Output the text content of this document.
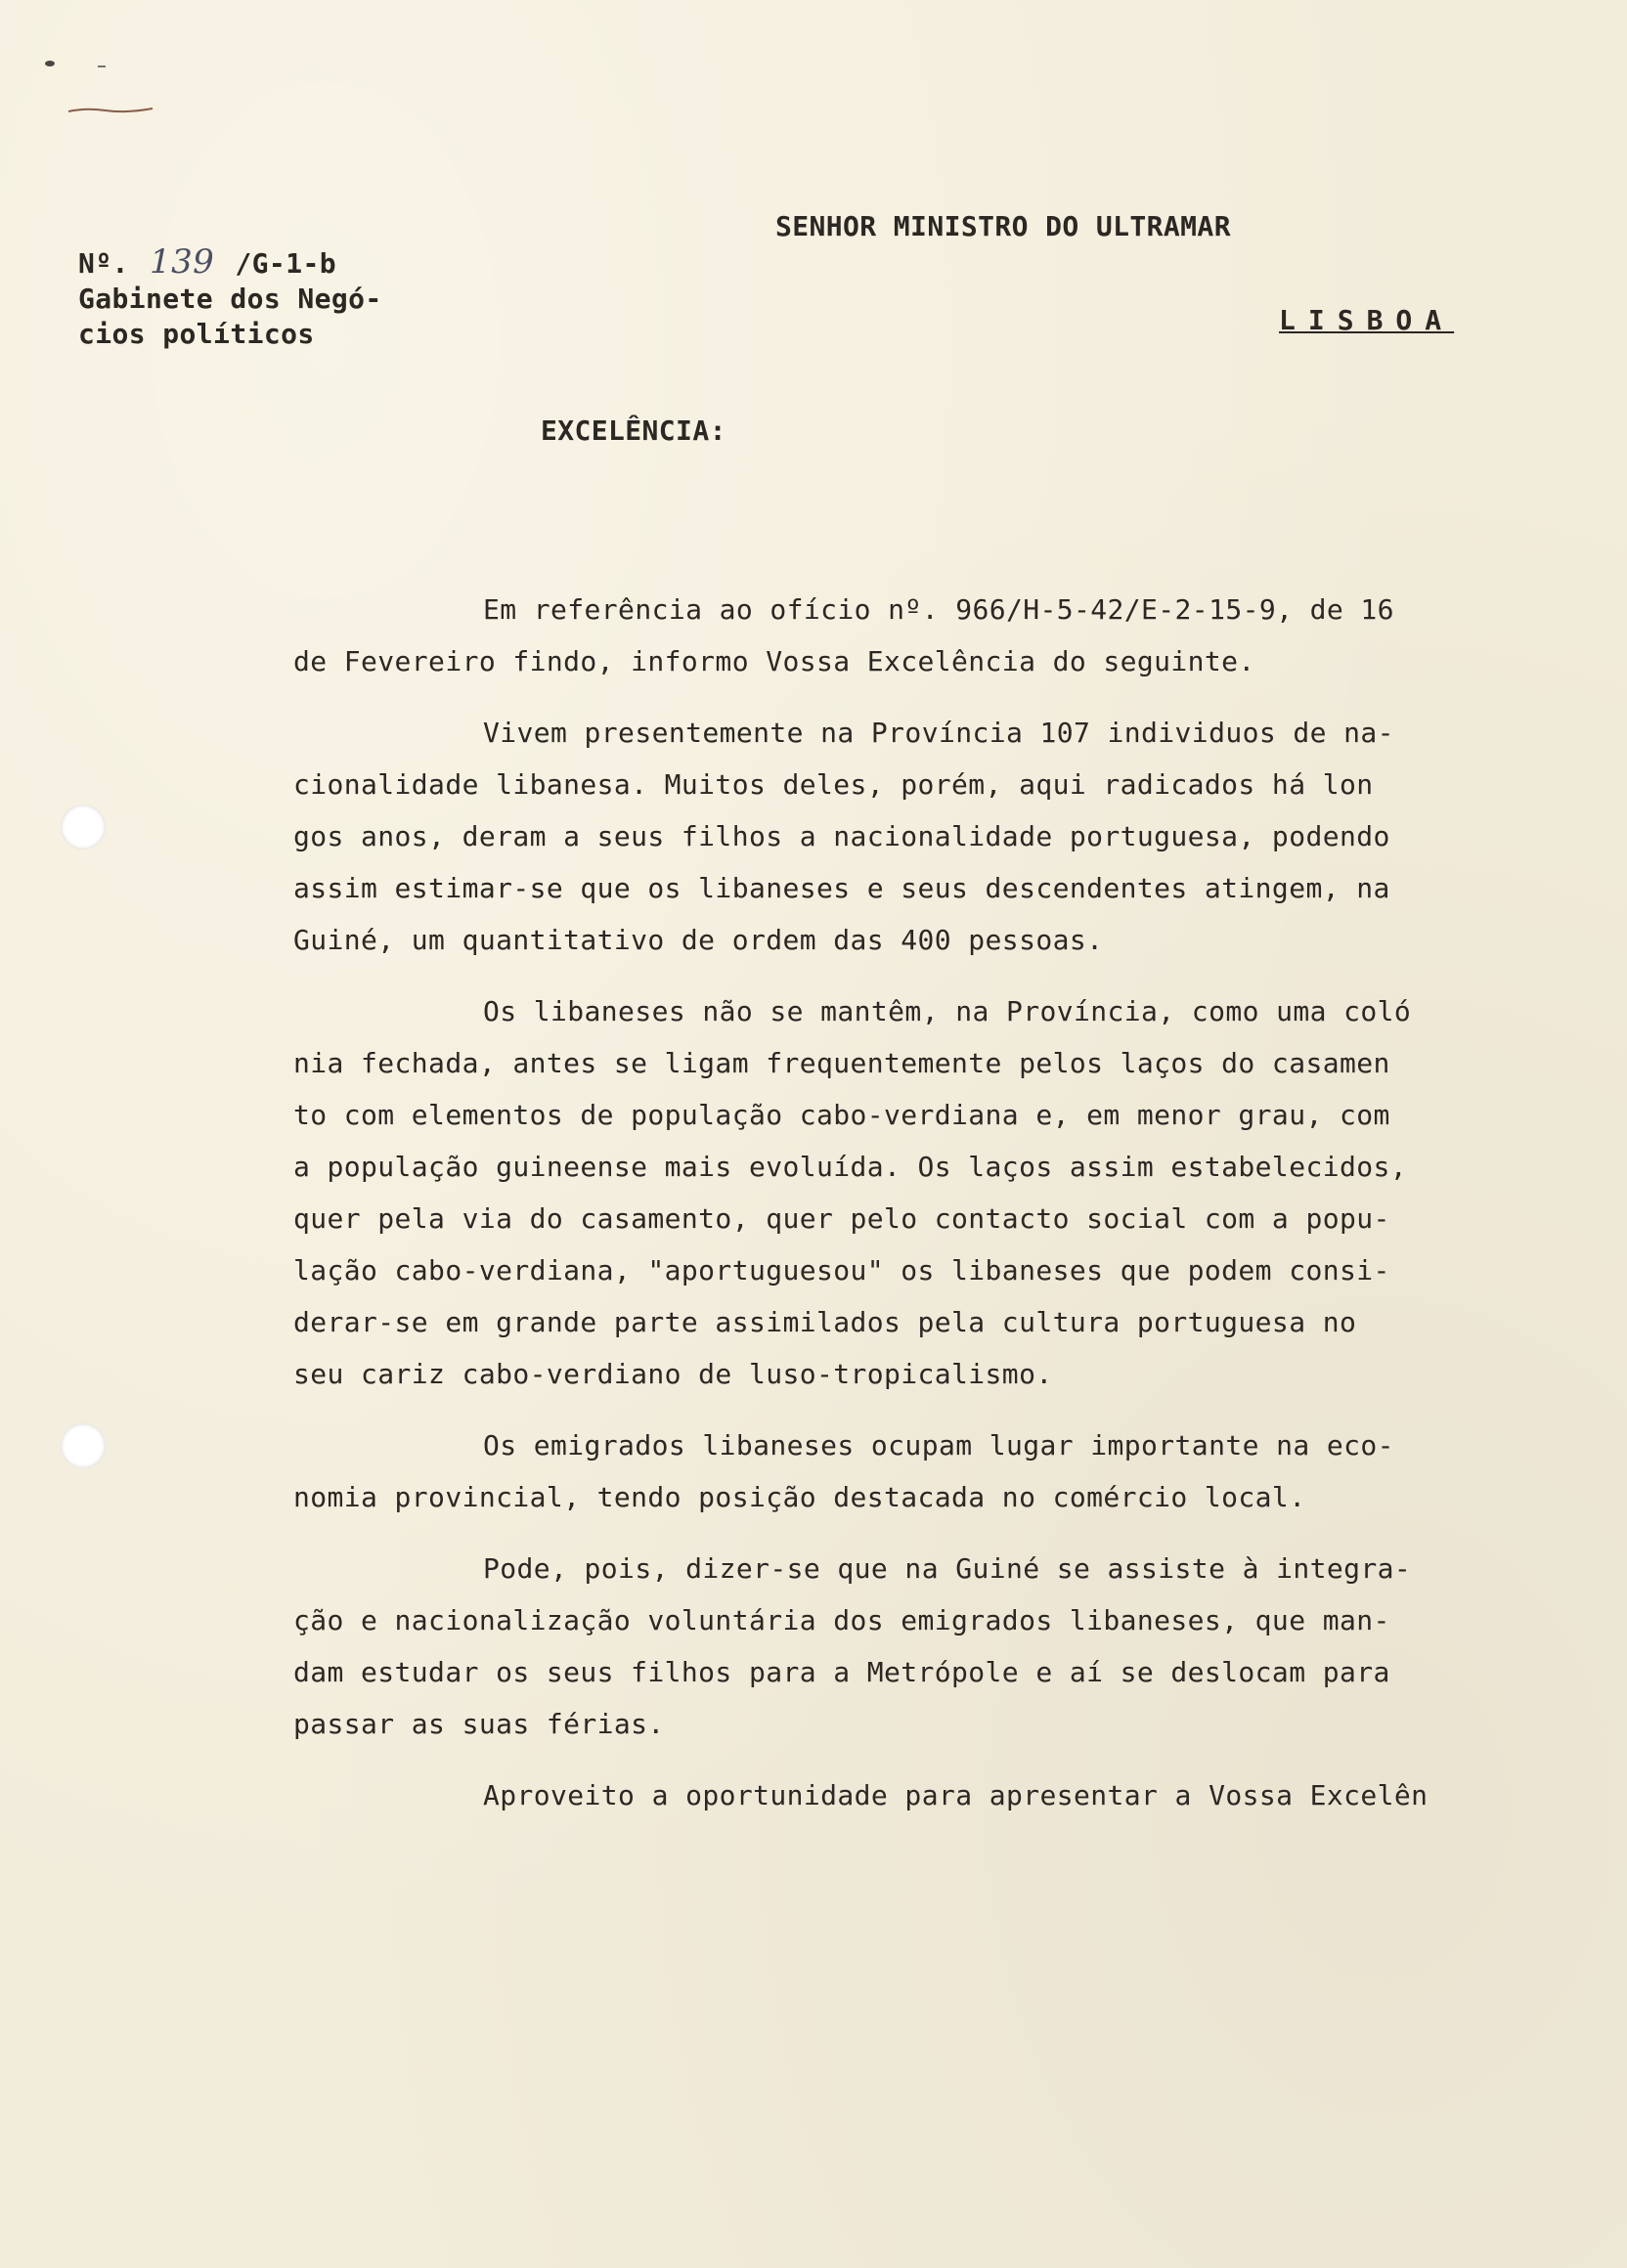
Nº. 139 /G-1-b
Gabinete dos Negó-
cios políticos
SENHOR MINISTRO DO ULTRAMAR
LISBOA
EXCELÊNCIA:
Em referência ao ofício nº. 966/H-5-42/E-2-15-9, de 16
de Fevereiro findo, informo Vossa Excelência do seguinte.
Vivem presentemente na Província 107 individuos de na-
cionalidade libanesa. Muitos deles, porém, aqui radicados há lon
gos anos, deram a seus filhos a nacionalidade portuguesa, podendo
assim estimar-se que os libaneses e seus descendentes atingem, na
Guiné, um quantitativo de ordem das 400 pessoas.
Os libaneses não se mantêm, na Província, como uma coló
nia fechada, antes se ligam frequentemente pelos laços do casamen
to com elementos de população cabo-verdiana e, em menor grau, com
a população guineense mais evoluída. Os laços assim estabelecidos,
quer pela via do casamento, quer pelo contacto social com a popu-
lação cabo-verdiana, "aportuguesou" os libaneses que podem consi-
derar-se em grande parte assimilados pela cultura portuguesa no
seu cariz cabo-verdiano de luso-tropicalismo.
Os emigrados libaneses ocupam lugar importante na eco-
nomia provincial, tendo posição destacada no comércio local.
Pode, pois, dizer-se que na Guiné se assiste à integra-
ção e nacionalização voluntária dos emigrados libaneses, que man-
dam estudar os seus filhos para a Metrópole e aí se deslocam para
passar as suas férias.
Aproveito a oportunidade para apresentar a Vossa Excelên
